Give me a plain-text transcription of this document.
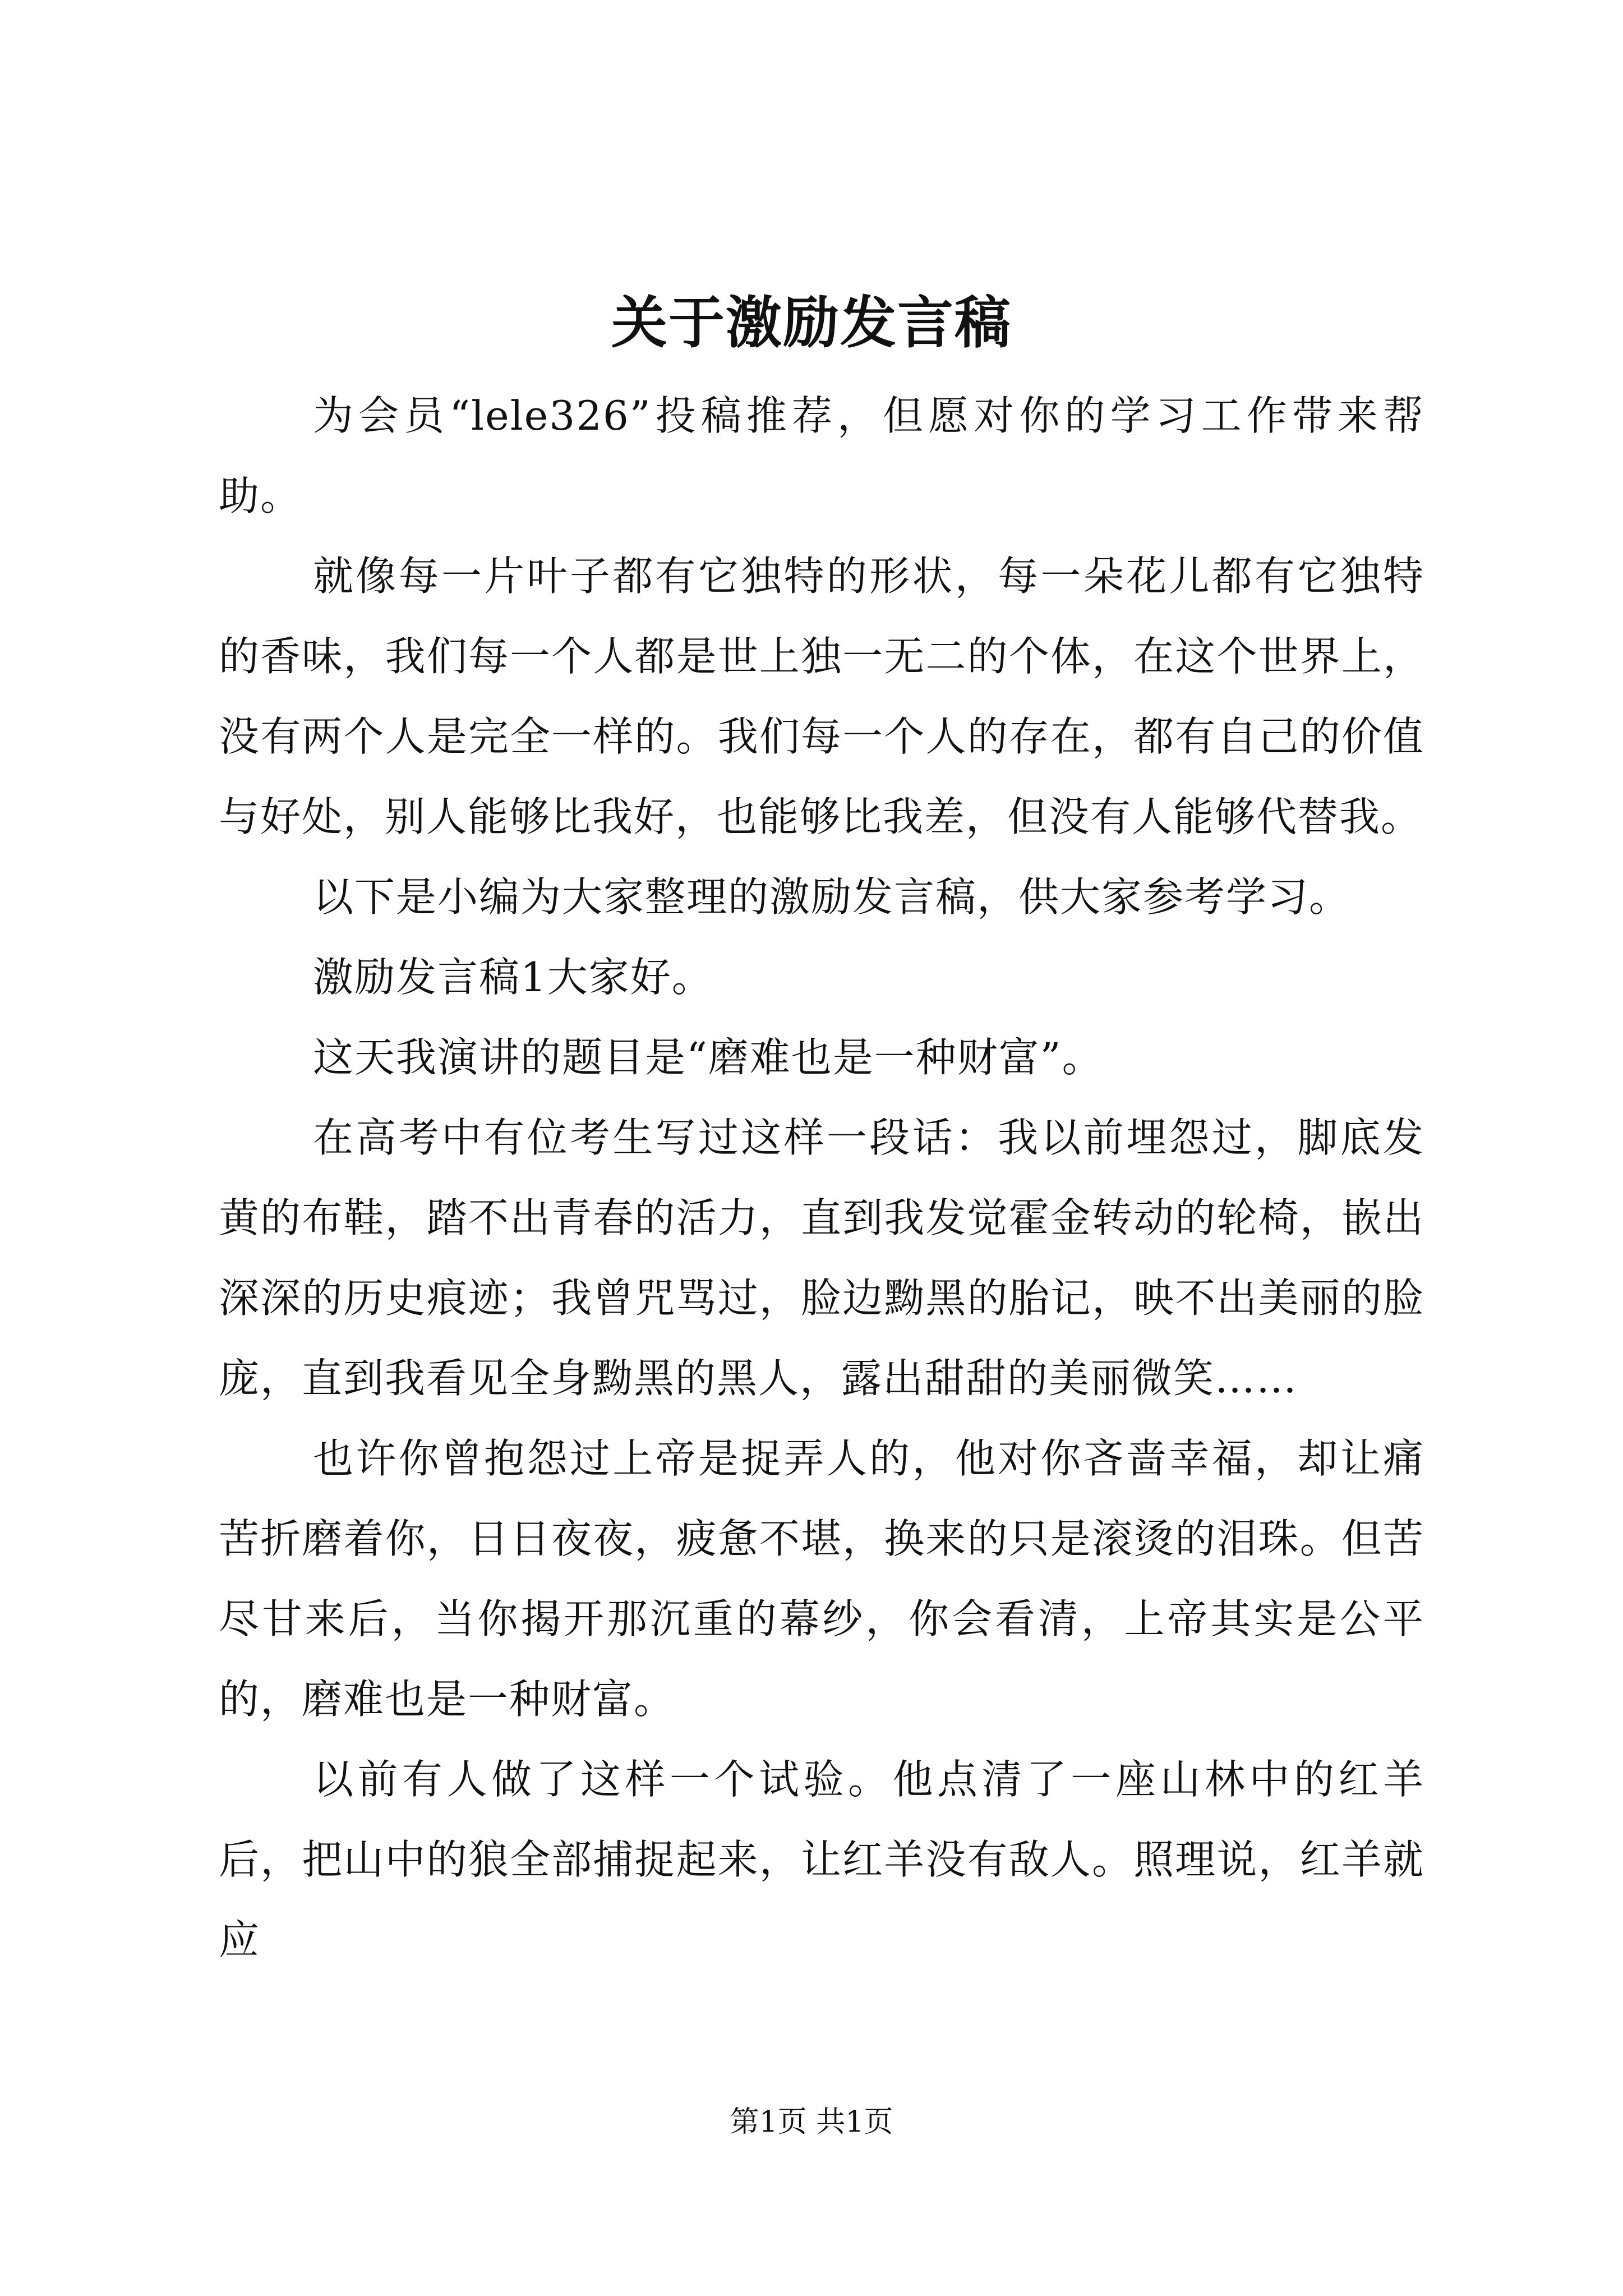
关于激励发言稿

为会员“lele326”投稿推荐，但愿对你的学习工作带来帮助。

就像每一片叶子都有它独特的形状，每一朵花儿都有它独特的香味，我们每一个人都是世上独一无二的个体，在这个世界上，没有两个人是完全一样的。我们每一个人的存在，都有自己的价值与好处，别人能够比我好，也能够比我差，但没有人能够代替我。

以下是小编为大家整理的激励发言稿，供大家参考学习。

激励发言稿1大家好。

这天我演讲的题目是“磨难也是一种财富”。

在高考中有位考生写过这样一段话：我以前埋怨过，脚底发黄的布鞋，踏不出青春的活力，直到我发觉霍金转动的轮椅，嵌出深深的历史痕迹；我曾咒骂过，脸边黝黑的胎记，映不出美丽的脸庞，直到我看见全身黝黑的黑人，露出甜甜的美丽微笑……

也许你曾抱怨过上帝是捉弄人的，他对你吝啬幸福，却让痛苦折磨着你，日日夜夜，疲惫不堪，换来的只是滚烫的泪珠。但苦尽甘来后，当你揭开那沉重的幕纱，你会看清，上帝其实是公平的，磨难也是一种财富。

以前有人做了这样一个试验。他点清了一座山林中的红羊后，把山中的狼全部捕捉起来，让红羊没有敌人。照理说，红羊就应

第1页 共1页
